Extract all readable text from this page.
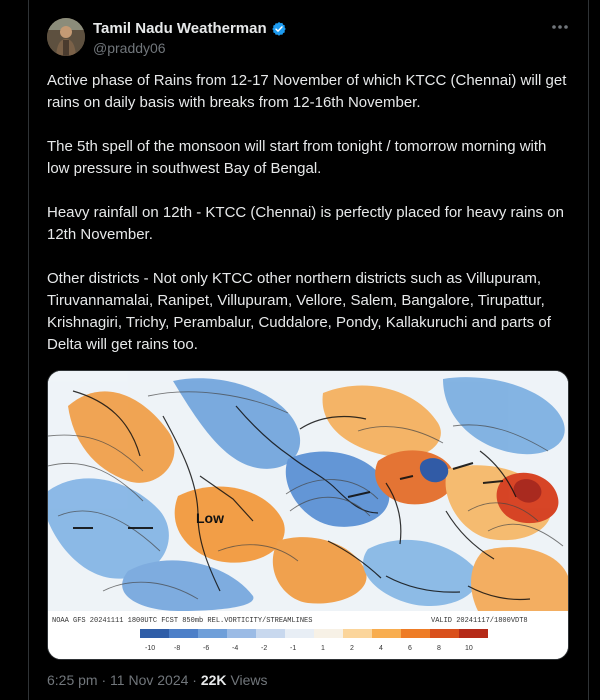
Tamil Nadu Weatherman
@praddy06

Active phase of Rains from 12-17 November of which KTCC (Chennai) will get rains on daily basis with breaks from 12-16th November.

The 5th spell of the monsoon will start from tonight / tomorrow morning with low pressure in southwest Bay of Bengal.

Heavy rainfall on 12th - KTCC (Chennai) is perfectly placed for heavy rains on 12th November.

Other districts - Not only KTCC other northern districts such as Villupuram, Tiruvannamalai, Ranipet, Villupuram, Vellore, Salem, Bangalore, Tirupattur, Krishnagiri, Trichy, Perambalur, Cuddalore, Pondy, Kallakuruchi and parts of Delta will get rains too.

Low
NOAA GFS 20241111 1800UTC FCST 850mb REL.VORTICITY/STREAMLINES	VALID 20241117/1800VDT8
-10	-8	-6	-4	-2	-1	1	2	4	6	8	10
6:25 pm · 11 Nov 2024 · 22K Views
